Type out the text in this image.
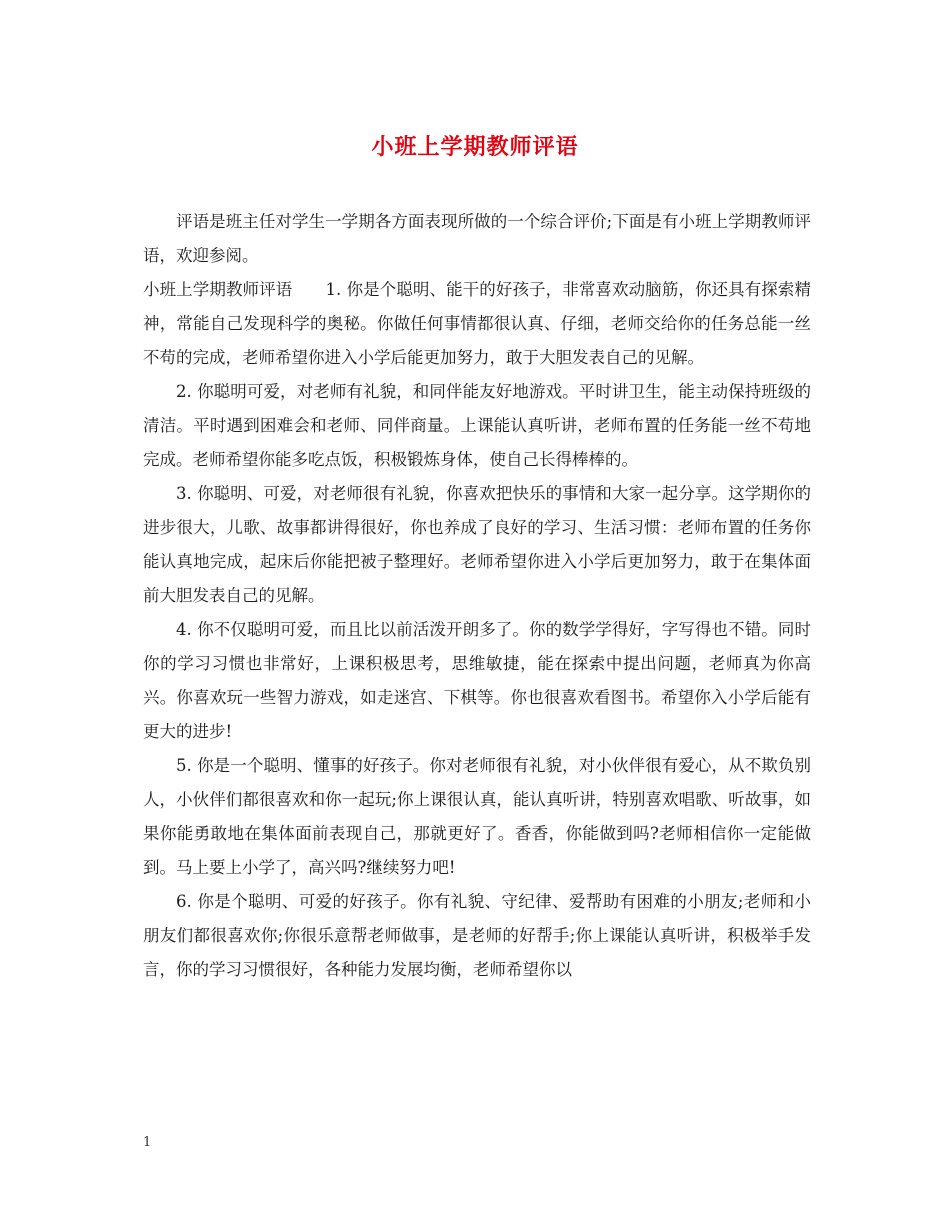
小班上学期教师评语

评语是班主任对学生一学期各方面表现所做的一个综合评价;下面是有小班上学期教师评语，欢迎参阅。

小班上学期教师评语　　1. 你是个聪明、能干的好孩子，非常喜欢动脑筋，你还具有探索精神，常能自己发现科学的奥秘。你做任何事情都很认真、仔细，老师交给你的任务总能一丝不苟的完成，老师希望你进入小学后能更加努力，敢于大胆发表自己的见解。

2. 你聪明可爱，对老师有礼貌，和同伴能友好地游戏。平时讲卫生，能主动保持班级的清洁。平时遇到困难会和老师、同伴商量。上课能认真听讲，老师布置的任务能一丝不苟地完成。老师希望你能多吃点饭，积极锻炼身体，使自己长得棒棒的。

3. 你聪明、可爱，对老师很有礼貌，你喜欢把快乐的事情和大家一起分享。这学期你的进步很大，儿歌、故事都讲得很好，你也养成了良好的学习、生活习惯：老师布置的任务你能认真地完成，起床后你能把被子整理好。老师希望你进入小学后更加努力，敢于在集体面前大胆发表自己的见解。

4. 你不仅聪明可爱，而且比以前活泼开朗多了。你的数学学得好，字写得也不错。同时你的学习习惯也非常好，上课积极思考，思维敏捷，能在探索中提出问题，老师真为你高兴。你喜欢玩一些智力游戏，如走迷宫、下棋等。你也很喜欢看图书。希望你入小学后能有更大的进步!

5. 你是一个聪明、懂事的好孩子。你对老师很有礼貌，对小伙伴很有爱心，从不欺负别人，小伙伴们都很喜欢和你一起玩;你上课很认真，能认真听讲，特别喜欢唱歌、听故事，如果你能勇敢地在集体面前表现自己，那就更好了。香香，你能做到吗?老师相信你一定能做到。马上要上小学了，高兴吗?继续努力吧!

6. 你是个聪明、可爱的好孩子。你有礼貌、守纪律、爱帮助有困难的小朋友;老师和小朋友们都很喜欢你;你很乐意帮老师做事，是老师的好帮手;你上课能认真听讲，积极举手发言，你的学习习惯很好，各种能力发展均衡，老师希望你以

1
